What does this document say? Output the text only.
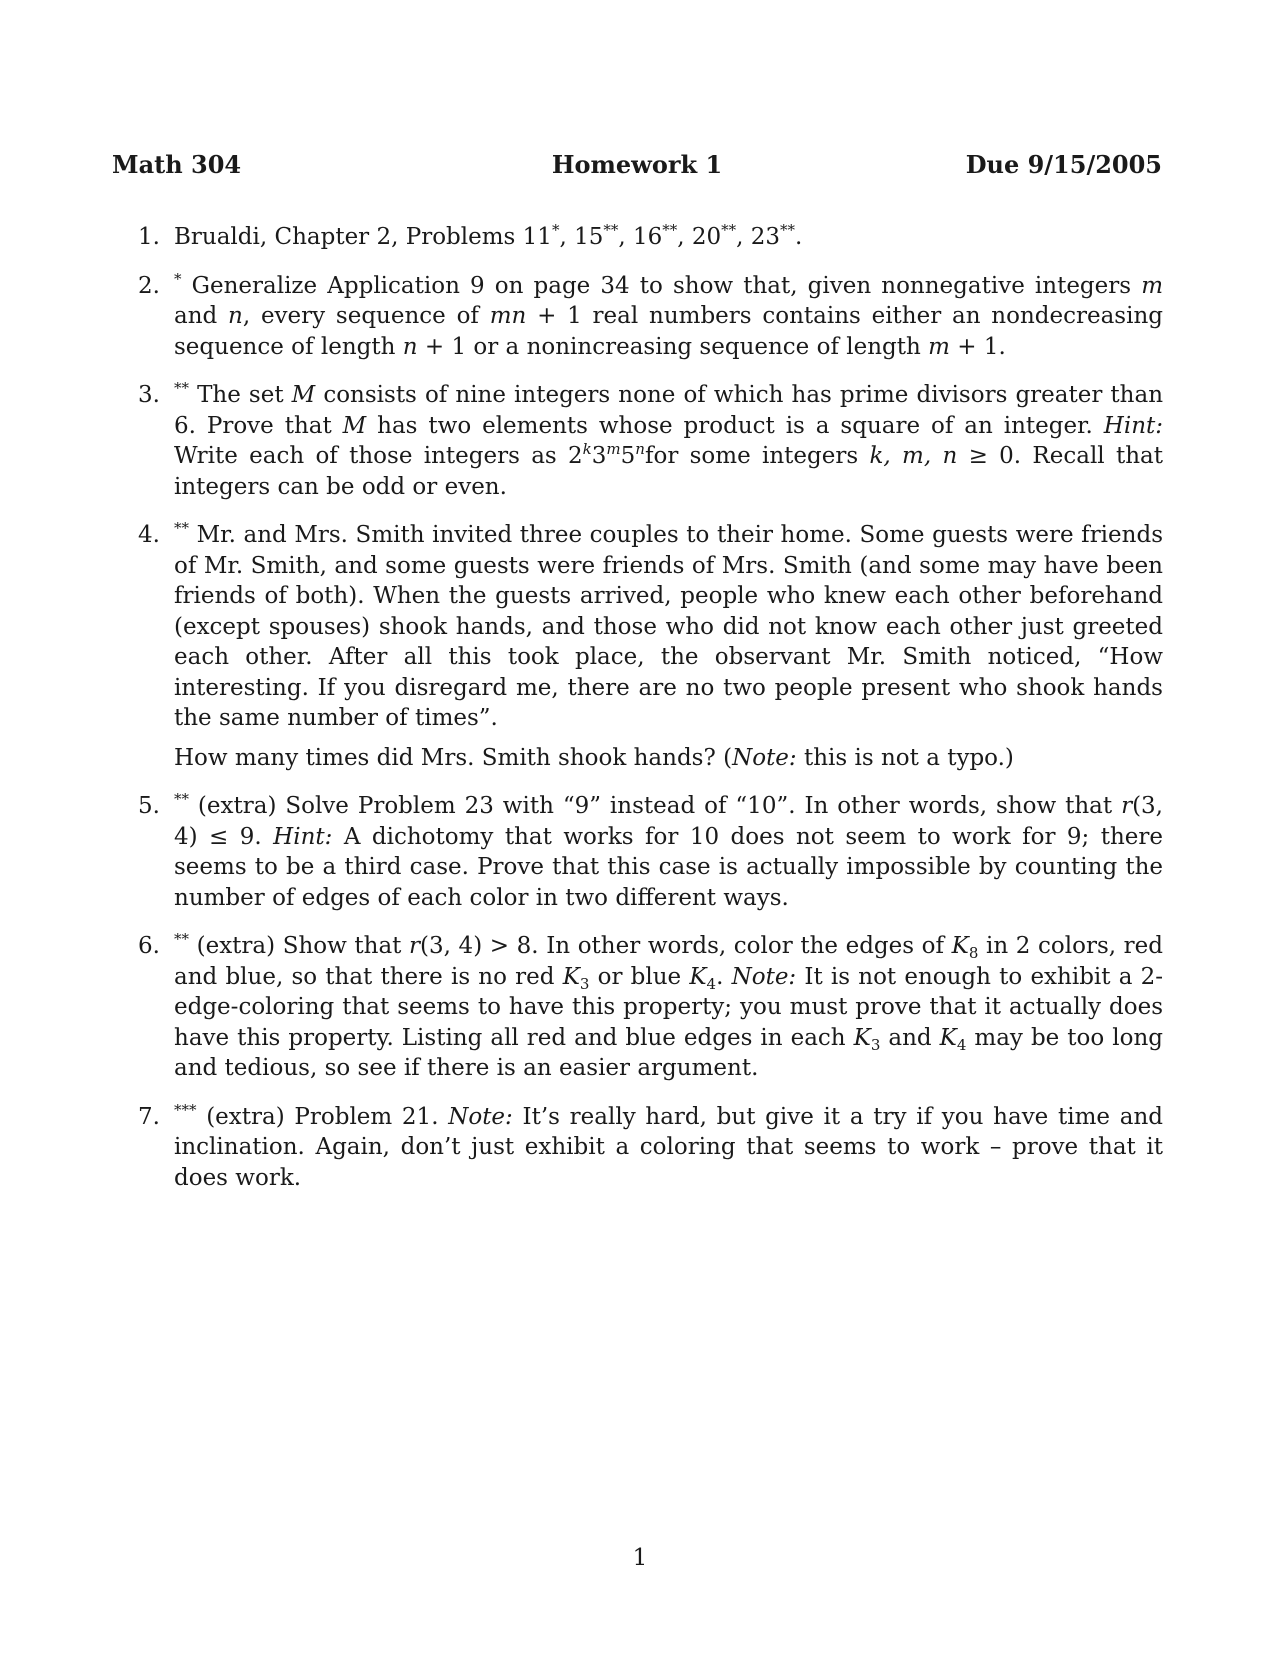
Math 304	Homework 1	Due 9/15/2005
1. Brualdi, Chapter 2, Problems 11*, 15**, 16**, 20**, 23**.

2. * Generalize Application 9 on page 34 to show that, given nonnegative integers m and n, every sequence of mn + 1 real numbers contains either an nondecreasing sequence of length n + 1 or a nonincreasing sequence of length m + 1.

3. ** The set M consists of nine integers none of which has prime divisors greater than 6. Prove that M has two elements whose product is a square of an integer. Hint: Write each of those integers as 2$^k$3$^m$5$^n$for some integers k, m, n ≥ 0. Recall that integers can be odd or even.

4. ** Mr. and Mrs. Smith invited three couples to their home. Some guests were friends of Mr. Smith, and some guests were friends of Mrs. Smith (and some may have been friends of both). When the guests arrived, people who knew each other beforehand (except spouses) shook hands, and those who did not know each other just greeted each other. After all this took place, the observant Mr. Smith noticed, “How interesting. If you disregard me, there are no two people present who shook hands the same number of times”.

How many times did Mrs. Smith shook hands? (Note: this is not a typo.)

5. ** (extra) Solve Problem 23 with “9” instead of “10”. In other words, show that r(3, 4) ≤ 9. Hint: A dichotomy that works for 10 does not seem to work for 9; there seems to be a third case. Prove that this case is actually impossible by counting the number of edges of each color in two different ways.

6. ** (extra) Show that r(3, 4) > 8. In other words, color the edges of $K_8$ in 2 colors, red and blue, so that there is no red $K_3$ or blue $K_4$. Note: It is not enough to exhibit a 2-edge-coloring that seems to have this property; you must prove that it actually does have this property. Listing all red and blue edges in each $K_3$ and $K_4$ may be too long and tedious, so see if there is an easier argument.

7. *** (extra) Problem 21. Note: It’s really hard, but give it a try if you have time and inclination. Again, don’t just exhibit a coloring that seems to work – prove that it does work.

1
